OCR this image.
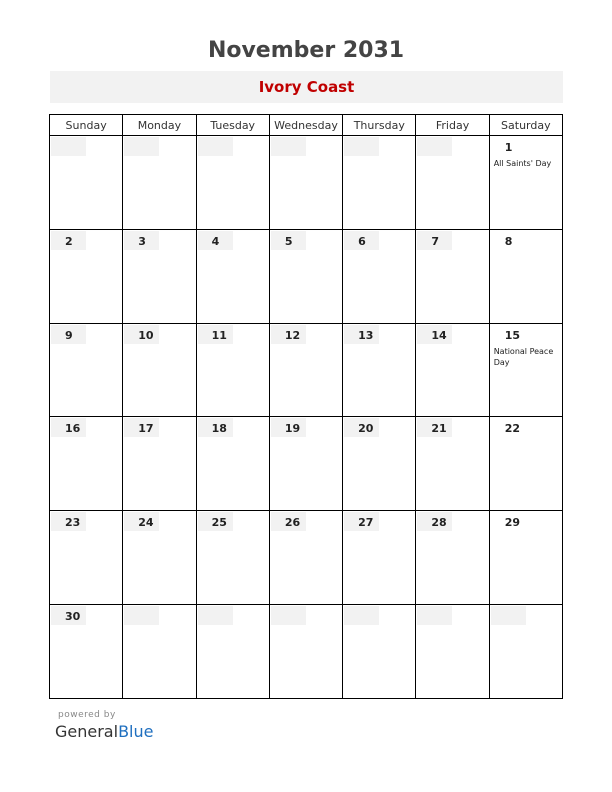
November 2031
Ivory Coast
Sunday	Monday	Tuesday	Wednesday	Thursday	Friday	Saturday

						1
All Saints' Day

2	3	4	5	6	7	8

9	10	11	12	13	14	15
National Peace Day

16	17	18	19	20	21	22

23	24	25	26	27	28	29

30						

powered by
GeneralBlue
